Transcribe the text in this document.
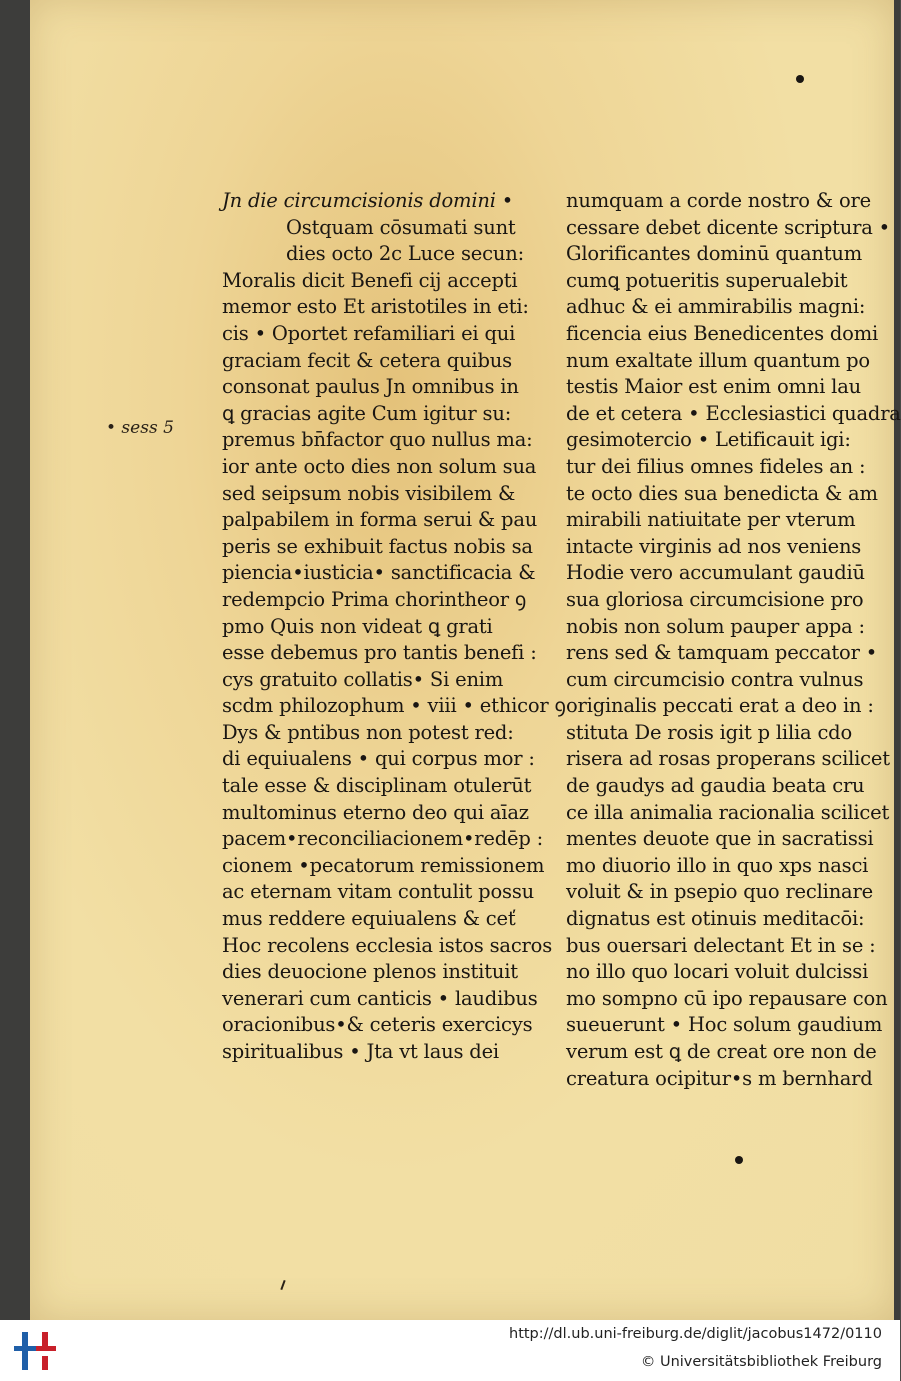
Jn die circumcisionis domini •
Ostquam cōsumati sunt
dies octo 2c Luce secun:
Moralis dicit Benefi cij accepti
memor esto Et aristotiles in eti:
cis • Oportet refamiliari ei qui
graciam fecit & cetera quibus
consonat paulus Jn omnibus in
ꝗ gracias agite Cum igitur su:
premus bn̄factor quo nullus ma:
ior ante octo dies non solum sua
sed seipsum nobis visibilem &
palpabilem in forma serui & pau
peris se exhibuit factus nobis sa
piencia•iusticia• sanctificacia &
redempcio Prima chorintheor ꝯ
pmo Quis non videat ꝗ grati
esse debemus pro tantis benefi :
cys gratuito collatis• Si enim
scdm philozophum • viii • ethicor ꝯ
Dys & pntibus non potest red:
di equiualens • qui corpus mor :
tale esse & disciplinam otulerūt
multominus eterno deo qui aīaz
pacem•reconciliacionem•redēp :
cionem •pecatorum remissionem
ac eternam vitam contulit possu
mus reddere equiualens & ceť
Hoc recolens ecclesia istos sacros
dies deuocione plenos instituit
venerari cum canticis • laudibus
oracionibus•& ceteris exercicys
spiritualibus • Jta vt laus dei
numquam a corde nostro & ore
cessare debet dicente scriptura •
Glorificantes dominū quantum
cumꝗ potueritis superualebit
adhuc & ei ammirabilis magni:
ficencia eius Benedicentes domi
num exaltate illum quantum po
testis Maior est enim omni lau
de et cetera • Ecclesiastici quadra
gesimotercio • Letificauit igi:
tur dei filius omnes fideles an :
te octo dies sua benedicta & am
mirabili natiuitate per vterum
intacte virginis ad nos veniens
Hodie vero accumulant gaudiū
sua gloriosa circumcisione pro
nobis non solum pauper appa :
rens sed & tamquam peccator •
cum circumcisio contra vulnus
originalis peccati erat a deo in :
stituta De rosis igit p lilia cdo
risera ad rosas properans scilicet
de gaudys ad gaudia beata cru
ce illa animalia racionalia scilicet
mentes deuote que in sacratissi
mo diuorio illo in quo xps nasci
voluit & in psepio quo reclinare
dignatus est otinuis meditacōi:
bus ouersari delectant Et in se :
no illo quo locari voluit dulcissi
mo sompno cū ipo repausare con
sueuerunt • Hoc solum gaudium
verum est ꝗ de creat ore non de
creatura ocipitur•s m bernhard
• sess 5
http://dl.ub.uni-freiburg.de/diglit/jacobus1472/0110
© Universitätsbibliothek Freiburg
